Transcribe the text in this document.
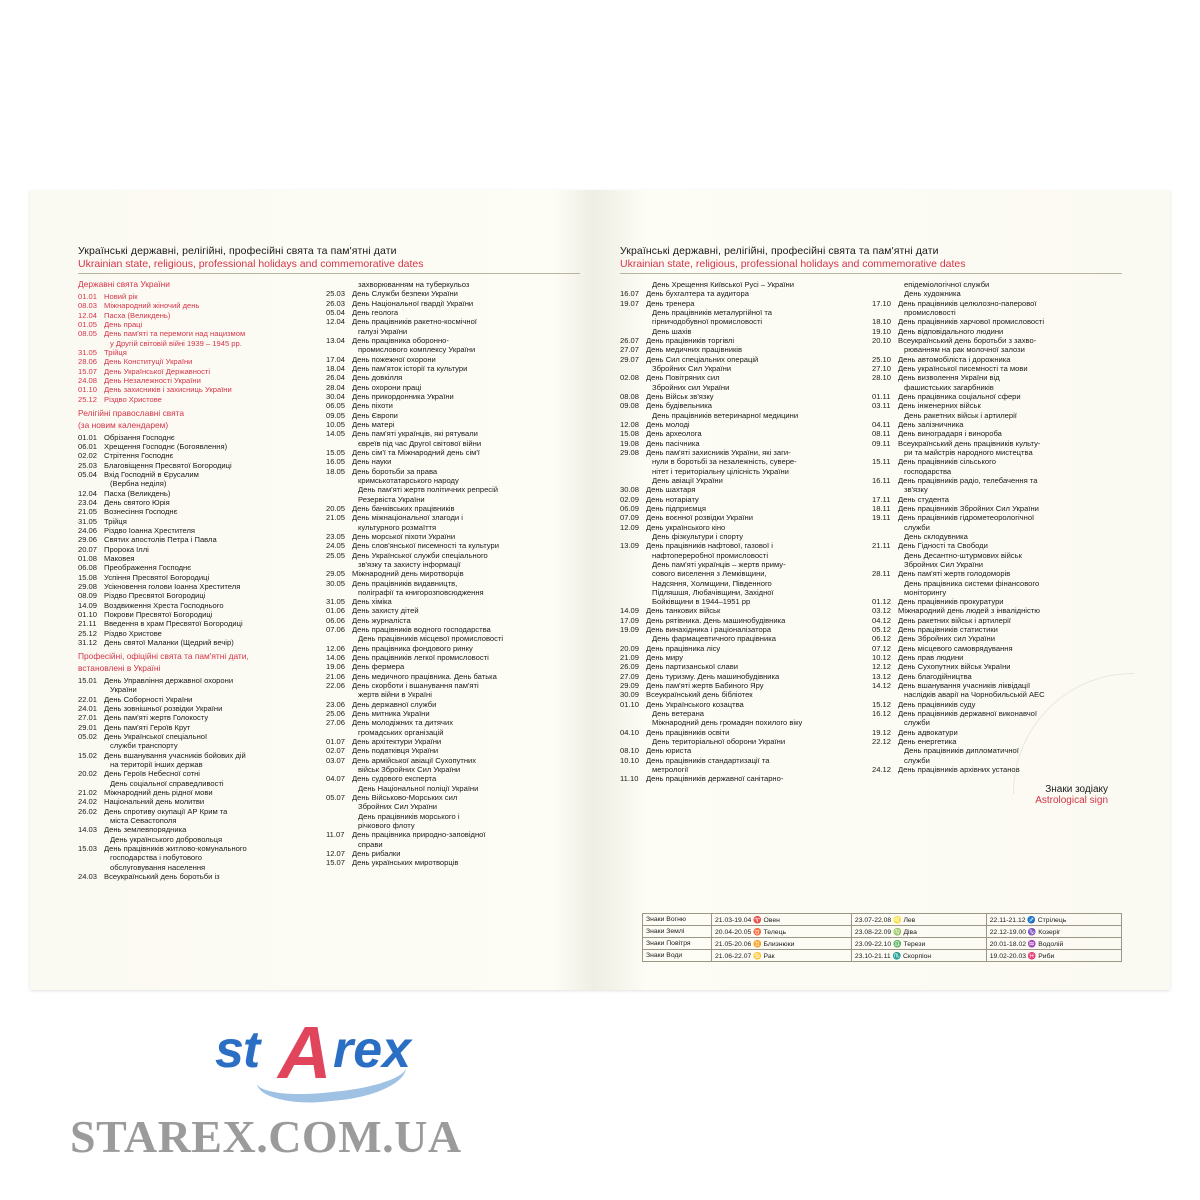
Українські державні, релігійні, професійні свята та пам'ятні дати
Ukrainian state, religious, professional holidays and commemorative dates
Державні свята України
01.01 Новий рік
08.03 Міжнародний жіночий день
12.04 Пасха (Великдень)
01.05 День праці
08.05 День пам'яті та перемоги над нацизмом
у Другій світовій війні 1939 – 1945 рр.
31.05 Трійця
28.06 День Конституції України
15.07 День Української Державності
24.08 День Незалежності України
01.10 День захисників і захисниць України
25.12 Різдво Христове
Релігійні православні свята
(за новим календарем)
01.01 Обрізання Господнє
06.01 Хрещення Господнє (Богоявлення)
02.02 Стрітення Господнє
25.03 Благовіщення Пресвятої Богородиці
05.04 Вхід Господній в Єрусалим
(Вербна неділя)
12.04 Пасха (Великдень)
23.04 День святого Юрія
21.05 Вознесіння Господнє
31.05 Трійця
24.06 Різдво Іоанна Хрестителя
29.06 Святих апостолів Петра і Павла
20.07 Пророка Іллі
01.08 Маковея
06.08 Преображення Господнє
15.08 Успіння Пресвятої Богородиці
29.08 Усікновення голови Іоанна Хрестителя
08.09 Різдво Пресвятої Богородиці
14.09 Воздвиження Хреста Господнього
01.10 Покрови Пресвятої Богородиці
21.11 Введення в храм Пресвятої Богородиці
25.12 Різдво Христове
31.12 День святої Маланки (Щедрий вечір)
Професійні, офіційні свята та пам'ятні дати,
встановлені в Україні
15.01 День Управління державної охорони
України
22.01 День Соборності України
24.01 День зовнішньої розвідки України
27.01 День пам'яті жертв Голокосту
29.01 День пам'яті Героїв Крут
05.02 День Української спеціальної
служби транспорту
15.02 День вшанування учасників бойових дій
на території інших держав
20.02 День Героїв Небесної сотні
День соціальної справедливості
21.02 Міжнародний день рідної мови
24.02 Національний день молитви
26.02 День спротиву окупації АР Крим та
міста Севастополя
14.03 День землевпорядника
День українського добровольця
15.03 День працівників житлово-комунального
господарства і побутового
обслуговування населення
24.03 Всеукраїнський день боротьби із
захворюванням на туберкульоз
25.03 День Служби безпеки України
26.03 День Національної гвардії України
05.04 День геолога
12.04 День працівників ракетно-космічної
галузі України
13.04 День працівника оборонно-
промислового комплексу України
17.04 День пожежної охорони
18.04 День пам'яток історії та культури
26.04 День довкілля
28.04 День охорони праці
30.04 День прикордонника України
06.05 День піхоти
09.05 День Європи
10.05 День матері
14.05 День пам'яті українців, які рятували
євреїв під час Другої світової війни
15.05 День сім'ї та Міжнародний день сім'ї
16.05 День науки
18.05 День боротьби за права
кримськотатарського народу
День пам'яті жертв політичних репресій
Резервіста України
20.05 День банківських працівників
21.05 День міжнаціональної злагоди і
культурного розмаїття
23.05 День морської піхоти України
24.05 День слов'янської писемності та культури
25.05 День Української служби спеціального
зв'язку та захисту інформації
29.05 Міжнародний день миротворців
30.05 День працівників видавництв,
поліграфії та книгорозповсюдження
31.05 День хіміка
01.06 День захисту дітей
06.06 День журналіста
07.06 День працівників водного господарства
День працівників місцевої промисловості
12.06 День працівника фондового ринку
14.06 День працівників легкої промисловості
19.06 День фермера
21.06 День медичного працівника. День батька
22.06 День скорботи і вшанування пам'яті
жертв війни в Україні
23.06 День державної служби
25.06 День митника України
27.06 День молодіжних та дитячих
громадських організацій
01.07 День архітектури України
02.07 День податківця України
03.07 День армійської авіації Сухопутних
військ Збройних Сил України
04.07 День судового експерта
День Національної поліції України
05.07 День Військово-Морських сил
Збройних Сил України
День працівників морського і
річкового флоту
11.07 День працівника природно-заповідної
справи
12.07 День рибалки
15.07 День українських миротворців
Українські державні, релігійні, професійні свята та пам'ятні дати
Ukrainian state, religious, professional holidays and commemorative dates
День Хрещення Київської Русі – України
16.07 День бухгалтера та аудитора
19.07 День тренера
День працівників металургійної та
гірничодобувної промисловості
День шахів
26.07 День працівників торгівлі
27.07 День медичних працівників
29.07 День Сил спеціальних операцій
Збройних Сил України
02.08 День Повітряних сил
Збройних сил України
08.08 День Військ зв'язку
09.08 День будівельника
День працівників ветеринарної медицини
12.08 День молоді
15.08 День археолога
19.08 День пасічника
29.08 День пам'яті захисників України, які заги-
нули в боротьбі за незалежність, суверe-
нітет і територіальну цілісність України
День авіації України
30.08 День шахтаря
02.09 День нотаріату
06.09 День підприємця
07.09 День воєнної розвідки України
12.09 День українського кіно
День фізкультури і спорту
13.09 День працівників нафтової, газової і
нафтопереробної промисловості
День пам'яті українців – жертв приму-
сового виселення з Лемківщини,
Надсяння, Холмщини, Південного
Підляшшя, Любачівщини, Західної
Бойківщини в 1944–1951 рр
14.09 День танкових військ
17.09 День рятівника. День машинобудівника
19.09 День винахідника і раціоналізатора
День фармацевтичного працівника
20.09 День працівника лісу
21.09 День миру
26.09 День партизанської слави
27.09 День туризму. День машинобудівника
29.09 День пам'яті жертв Бабиного Яру
30.09 Всеукраїнський день бібліотек
01.10 День Українського козацтва
День ветерана
Міжнародний день громадян похилого віку
04.10 День працівників освіти
День територіальної оборони України
08.10 День юриста
10.10 День працівників стандартизації та
метрології
11.10 День працівників державної санітарно-
епідеміологічної служби
День художника
17.10 День працівників целюлозно-паперової
промисловості
18.10 День працівників харчової промисловості
19.10 День відповідального людини
20.10 Всеукраїнський день боротьби з захво-
рюванням на рак молочної залози
25.10 День автомобіліста і дорожника
27.10 День української писемності та мови
28.10 День визволення України від
фашистських загарбників
01.11 День працівника соціальної сфери
03.11 День інженерних військ
День ракетних військ і артилерії
04.11 День залізничника
08.11 День виноградаря і винороба
09.11 Всеукраїнський день працівників культу-
ри та майстрів народного мистецтва
15.11 День працівників сільського
господарства
16.11 День працівників радіо, телебачення та
зв'язку
17.11 День студента
18.11 День працівників Збройних Сил України
19.11 День працівників гідрометеорологічної
служби
День склодувника
21.11 День Гідності та Свободи
День Десантно-штурмових військ
Збройних Сил України
28.11 День пам'яті жертв голодоморів
День працівника системи фінансового
моніторингу
01.12 День працівників прокуратури
03.12 Міжнародний день людей з інвалідністю
04.12 День ракетних військ і артилерії
05.12 День працівників статистики
06.12 День Збройних сил України
07.12 День місцевого самоврядування
10.12 День прав людини
12.12 День Сухопутних військ України
13.12 День благодійництва
14.12 День вшанування учасників ліквідації
наслідків аварії на Чорнобильській АЕС
15.12 День працівників суду
16.12 День працівників державної виконавчої
служби
19.12 День адвокатури
22.12 День енергетика
День працівників дипломатичної
служби
24.12 День працівників архівних установ
Знаки зодіаку
Astrological sign
Знаки Вогню	21.03-19.04 ♈ Овен	23.07-22.08 ♌ Лев	22.11-21.12 ♐ Стрілець
Знаки Землі	20.04-20.05 ♉ Телець	23.08-22.09 ♍ Діва	22.12-19.00 ♑ Козеріг
Знаки Повітря	21.05-20.06 ♊ Близнюки	23.09-22.10 ♎ Терези	20.01-18.02 ♒ Водолій
Знаки Води	21.06-22.07 ♋ Рак	23.10-21.11 ♏ Скорпіон	19.02-20.03 ♓ Риби
st A rex
STAREX.COM.UA
